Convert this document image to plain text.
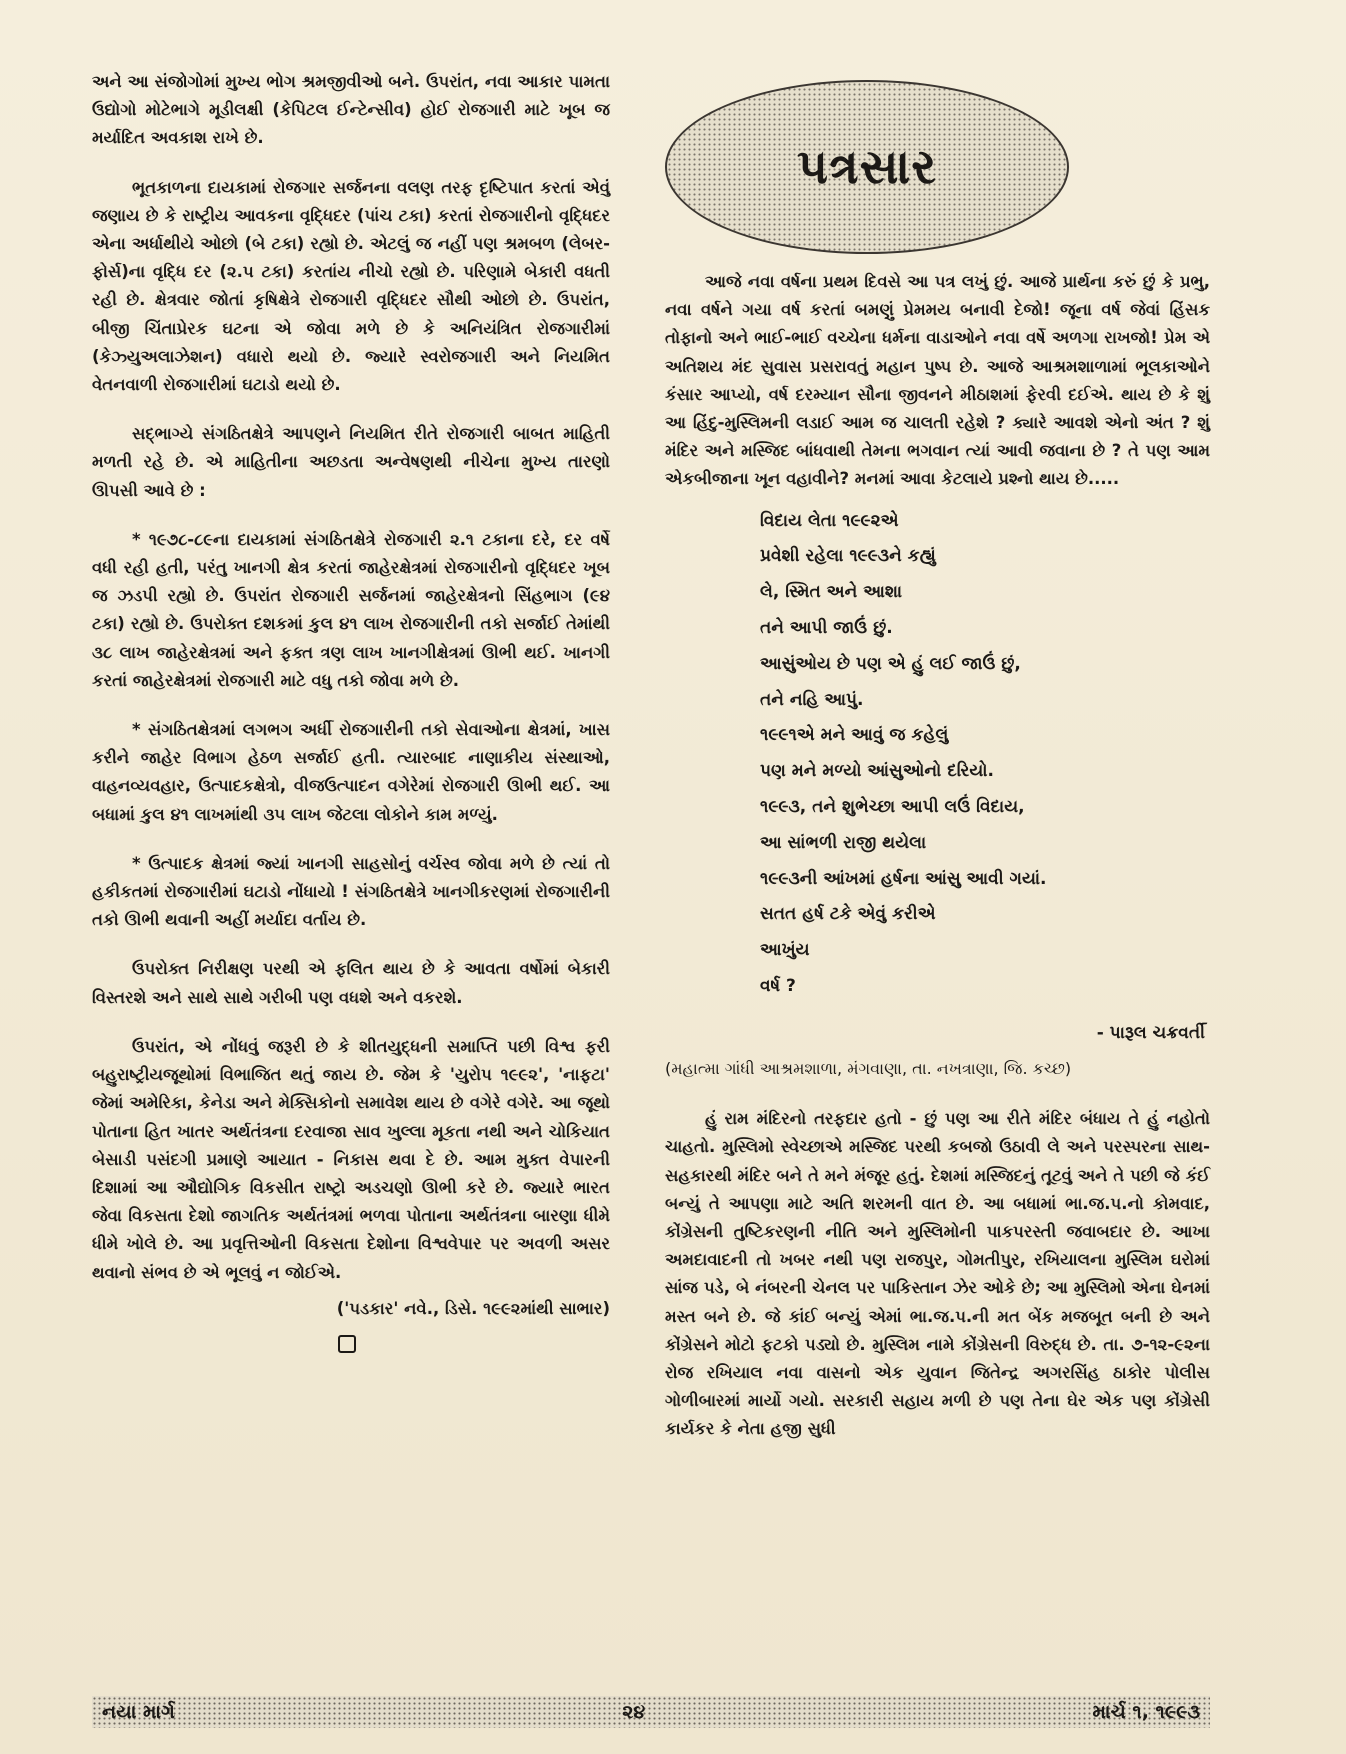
અને આ સંજોગોમાં મુખ્ય ભોગ શ્રમજીવીઓ બને. ઉપરાંત, નવા આકાર પામતા ઉદ્યોગો મોટેભાગે મૂડીલક્ષી (કેપિટલ ઈન્ટેન્સીવ) હોઈ રોજગારી માટે ખૂબ જ મર્યાદિત અવકાશ રાખે છે.

ભૂતકાળના દાયકામાં રોજગાર સર્જનના વલણ તરફ દૃષ્ટિપાત કરતાં એવું જણાય છે કે રાષ્ટ્રીય આવકના વૃદ્ધિદર (પાંચ ટકા) કરતાં રોજગારીનો વૃદ્ધિદર એના અર્ધાથીયે ઓછો (બે ટકા) રહ્યો છે. એટલું જ નહીં પણ શ્રમબળ (લેબર-ફોર્સ)ના વૃદ્ધિ દર (૨.૫ ટકા) કરતાંય નીચો રહ્યો છે. પરિણામે બેકારી વધતી રહી છે. ક્ષેત્રવાર જોતાં કૃષિક્ષેત્રે રોજગારી વૃદ્ધિદર સૌથી ઓછો છે. ઉપરાંત, બીજી ચિંતાપ્રેરક ઘટના એ જોવા મળે છે કે અનિયંત્રિત રોજગારીમાં (કેઝ્યુઅલાઝેશન) વધારો થયો છે. જ્યારે સ્વરોજગારી અને નિયમિત વેતનવાળી રોજગારીમાં ઘટાડો થયો છે.

સદ્ભાગ્યે સંગઠિતક્ષેત્રે આપણને નિયમિત રીતે રોજગારી બાબત માહિતી મળતી રહે છે. એ માહિતીના અછડતા અન્વેષણથી નીચેના મુખ્ય તારણો ઊપસી આવે છે :

* ૧૯૭૮-૮૯ના દાયકામાં સંગઠિતક્ષેત્રે રોજગારી ૨.૧ ટકાના દરે, દર વર્ષે વધી રહી હતી, પરંતુ ખાનગી ક્ષેત્ર કરતાં જાહેરક્ષેત્રમાં રોજગારીનો વૃદ્ધિદર ખૂબ જ ઝડપી રહ્યો છે. ઉપરાંત રોજગારી સર્જનમાં જાહેરક્ષેત્રનો સિંહભાગ (૯૪ ટકા) રહ્યો છે. ઉપરોક્ત દશકમાં કુલ ૪૧ લાખ રોજગારીની તકો સર્જાઈ તેમાંથી ૩૮ લાખ જાહેરક્ષેત્રમાં અને ફક્ત ત્રણ લાખ ખાનગીક્ષેત્રમાં ઊભી થઈ. ખાનગી કરતાં જાહેરક્ષેત્રમાં રોજગારી માટે વધુ તકો જોવા મળે છે.

* સંગઠિતક્ષેત્રમાં લગભગ અર્ધી રોજગારીની તકો સેવાઓના ક્ષેત્રમાં, ખાસ કરીને જાહેર વિભાગ હેઠળ સર્જાઈ હતી. ત્યારબાદ નાણાકીય સંસ્થાઓ, વાહનવ્યવહાર, ઉત્પાદકક્ષેત્રો, વીજઉત્પાદન વગેરેમાં રોજગારી ઊભી થઈ. આ બધામાં કુલ ૪૧ લાખમાંથી ૩૫ લાખ જેટલા લોકોને કામ મળ્યું.

* ઉત્પાદક ક્ષેત્રમાં જ્યાં ખાનગી સાહસોનું વર્ચસ્વ જોવા મળે છે ત્યાં તો હકીકતમાં રોજગારીમાં ઘટાડો નોંધાયો ! સંગઠિતક્ષેત્રે ખાનગીકરણમાં રોજગારીની તકો ઊભી થવાની અહીં મર્યાદા વર્તાય છે.

ઉપરોક્ત નિરીક્ષણ પરથી એ ફલિત થાય છે કે આવતા વર્ષોમાં બેકારી વિસ્તરશે અને સાથે સાથે ગરીબી પણ વધશે અને વકરશે.

ઉપરાંત, એ નોંધવું જરૂરી છે કે શીતયુદ્ધની સમાપ્તિ પછી વિશ્વ ફરી બહુરાષ્ટ્રીયજૂથોમાં વિભાજિત થતું જાય છે. જેમ કે 'યુરોપ ૧૯૯૨', 'નાફટા' જેમાં અમેરિકા, કેનેડા અને મેક્સિકોનો સમાવેશ થાય છે વગેરે વગેરે. આ જૂથો પોતાના હિત ખાતર અર્થતંત્રના દરવાજા સાવ ખુલ્લા મૂકતા નથી અને ચોકિયાત બેસાડી પસંદગી પ્રમાણે આયાત - નિકાસ થવા દે છે. આમ મુક્ત વેપારની દિશામાં આ ઔદ્યોગિક વિકસીત રાષ્ટ્રો અડચણો ઊભી કરે છે. જ્યારે ભારત જેવા વિકસતા દેશો જાગતિક અર્થતંત્રમાં ભળવા પોતાના અર્થતંત્રના બારણા ધીમે ધીમે ખોલે છે. આ પ્રવૃત્તિઓની વિકસતા દેશોના વિશ્વવેપાર પર અવળી અસર થવાનો સંભવ છે એ ભૂલવું ન જોઈએ.

('પડકાર' નવે., ડિસે. ૧૯૯૨માંથી સાભાર)
પત્રસાર

આજે નવા વર્ષના પ્રથમ દિવસે આ પત્ર લખું છું. આજે પ્રાર્થના કરું છું કે પ્રભુ, નવા વર્ષને ગયા વર્ષ કરતાં બમણું પ્રેમમય બનાવી દેજો! જૂના વર્ષ જેવાં હિંસક તોફાનો અને ભાઈ-ભાઈ વચ્ચેના ધર્મના વાડાઓને નવા વર્ષે અળગા રાખજો! પ્રેમ એ અતિશય મંદ સુવાસ પ્રસરાવતું મહાન પુષ્પ છે. આજે આશ્રમશાળામાં ભૂલકાઓને કંસાર આપ્યો, વર્ષ દરમ્યાન સૌના જીવનને મીઠાશમાં ફેરવી દઈએ. થાય છે કે શું આ હિંદુ-મુસ્લિમની લડાઈ આમ જ ચાલતી રહેશે ? ક્યારે આવશે એનો અંત ? શું મંદિર અને મસ્જિદ બાંધવાથી તેમના ભગવાન ત્યાં આવી જવાના છે ? તે પણ આમ એકબીજાના ખૂન વહાવીને? મનમાં આવા કેટલાયે પ્રશ્નો થાય છે.....

વિદાય લેતા ૧૯૯૨એ
પ્રવેશી રહેલા ૧૯૯૩ને કહ્યું
લે, સ્મિત અને આશા
તને આપી જાઉં છું.
આસુંઓય છે પણ એ હું લઈ જાઉં છું,
તને નહિ આપું.
૧૯૯૧એ મને આવું જ કહેલું
પણ મને મળ્યો આંસુઓનો દરિયો.
૧૯૯૩, તને શુભેચ્છા આપી લઉં વિદાય,
આ સાંભળી રાજી થયેલા
૧૯૯૩ની આંખમાં હર્ષના આંસુ આવી ગયાં.
સતત હર્ષ ટકે એવું કરીએ
આખુંય
વર્ષ ?
- પારૂલ ચક્રવર્તી
(મહાત્મા ગાંધી આશ્રમશાળા, મંગવાણા, તા. નખત્રાણા, જિ. કચ્છ)

હું રામ મંદિરનો તરફદાર હતો - છું પણ આ રીતે મંદિર બંધાય તે હું નહોતો ચાહતો. મુસ્લિમો સ્વેચ્છાએ મસ્જિદ પરથી કબજો ઉઠાવી લે અને પરસ્પરના સાથ-સહકારથી મંદિર બને તે મને મંજૂર હતું. દેશમાં મસ્જિદનું તૂટવું અને તે પછી જે કંઈ બન્યું તે આપણા માટે અતિ શરમની વાત છે. આ બધામાં ભા.જ.પ.નો કોમવાદ, કોંગ્રેસની તુષ્ટિકરણની નીતિ અને મુસ્લિમોની પાકપરસ્તી જવાબદાર છે. આખા અમદાવાદની તો ખબર નથી પણ રાજપુર, ગોમતીપુર, રખિયાલના મુસ્લિમ ઘરોમાં સાંજ પડે, બે નંબરની ચેનલ પર પાકિસ્તાન ઝેર ઓકે છે; આ મુસ્લિમો એના ઘેનમાં મસ્ત બને છે. જે કાંઈ બન્યું એમાં ભા.જ.પ.ની મત બેંક મજબૂત બની છે અને કોંગ્રેસને મોટો ફટકો પડ્યો છે. મુસ્લિમ નામે કોંગ્રેસની વિરુદ્ધ છે. તા. ૭-૧૨-૯૨ના રોજ રખિયાલ નવા વાસનો એક યુવાન જિતેન્દ્ર અગરસિંહ ઠાકોર પોલીસ ગોળીબારમાં માર્યો ગયો. સરકારી સહાય મળી છે પણ તેના ઘેર એક પણ કોંગ્રેસી કાર્યકર કે નેતા હજી સુધી

નયા માર્ગ	૨૪	માર્ચ ૧, ૧૯૯૩
